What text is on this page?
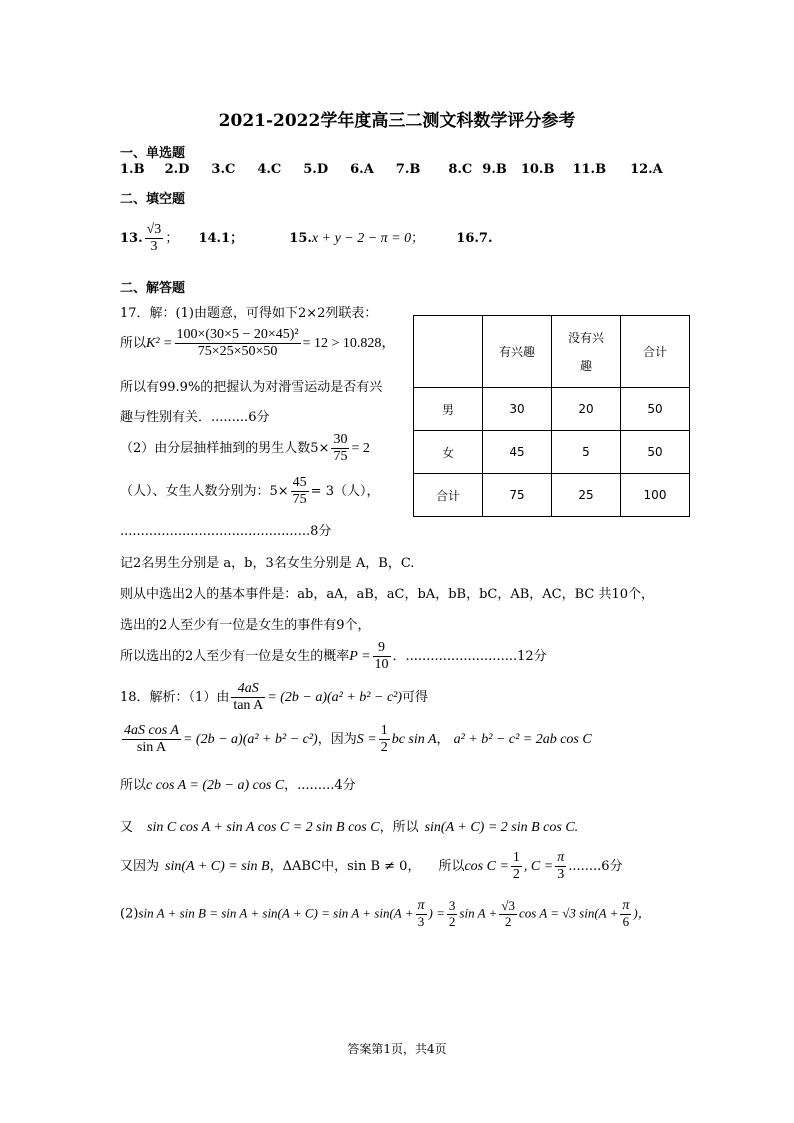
2021-2022学年度高三二测文科数学评分参考
一、单选题
1.B 2.D 3.C 4.C 5.D 6.A 7.B 8.C 9.B 10.B 11.B 12.A
二、填空题
13. $\frac{√3}{3}$ ； 14.1；	15.x + y − 2 − π = 0； 16.7.
二、解答题
17．解：(1)由题意，可得如下2×2列联表：
所以$K^2 = \frac{\text{100×(30×5 − 20×45)²}}{75\times 25\times 50\times 50} = 12 > 10.828$，
所以有99.9%的把握认为对滑雪运动是否有兴
趣与性别有关．.........6分
（2）由分层抽样抽到的男生人数$5\times \frac{30}{75} = 2$
（人）、女生人数分别为：$5\times \frac{45}{75} = 3$（人），
..............................................8分
记2名男生分别是 a，b，3名女生分别是 A，B，C.
则从中选出2人的基本事件是：ab，aA，aB，aC，bA，bB，bC，AB，AC，BC 共10个，
选出的2人至少有一位是女生的事件有9个，
所以选出的2人至少有一位是女生的概率$P = \frac{9}{10}$ ．...........................12分
	有兴趣	没有兴趣	合计
男	30	20	50
女	45	5	50
合计	75	25	100
18．解析：（1）由 $\frac{4aS}{\text{tan A}} = (2b - a)(a^2 + b^2 - c^2)$可得
$\frac{\text{4aS cos A}}{\text{sin A}} = (2b - a)(a^2 + b^2 - c^2)$，因为$S = \frac{1}{2}$ bc sin A， a² + b² − c² = 2ab cos C
所以c cos A = (2b − a) cos C，.........4分
又 sin C cos A + sin A cos C = 2 sin B cos C，所以 sin(A + C) = 2 sin B cos C.
又因为 sin(A + C) = sin B，ΔABC中，sin B ≠ 0， 所以$\cos C = \frac{1}{2}$ , $C = \frac{\pi}{3} ........6$分
(2)sin $A + \sin B = \sin A + \sin(A + C) = \sin A + \sin(A + \frac{\pi}{3}$ ) = $\frac{3}{2}$ $\sin A + \frac{√3}{2}$ cos A = √3 $\sin(A + \frac{\pi}{6}$ )，
答案第1页，共4页
